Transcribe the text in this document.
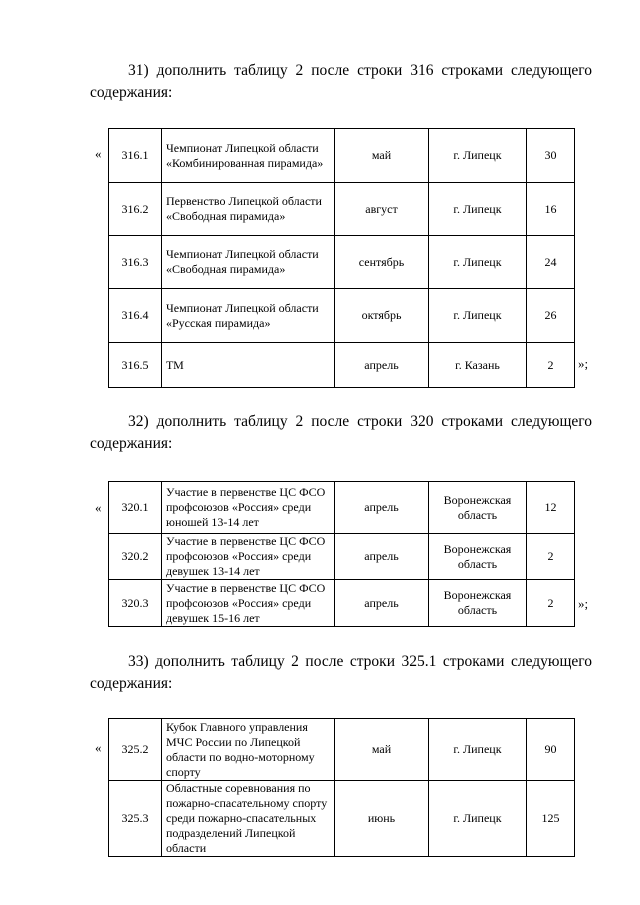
31) дополнить таблицу 2 после строки 316 строками следующего
содержания:
«
»;
316.1	Чемпионат Липецкой области «Комбинированная пирамида»	май	г. Липецк	30
316.2	Первенство Липецкой области «Свободная пирамида»	август	г. Липецк	16
316.3	Чемпионат Липецкой области «Свободная пирамида»	сентябрь	г. Липецк	24
316.4	Чемпионат Липецкой области «Русская пирамида»	октябрь	г. Липецк	26
316.5	ТМ	апрель	г. Казань	2
32) дополнить таблицу 2 после строки 320 строками следующего
содержания:
«
»;
320.1	Участие в первенстве ЦС ФСО профсоюзов «Россия» среди юношей 13-14 лет	апрель	Воронежская область	12
320.2	Участие в первенстве ЦС ФСО профсоюзов «Россия» среди девушек 13-14 лет	апрель	Воронежская область	2
320.3	Участие в первенстве ЦС ФСО профсоюзов «Россия» среди девушек 15-16 лет	апрель	Воронежская область	2
33) дополнить таблицу 2 после строки 325.1 строками следующего
содержания:
« 325.2	Кубок Главного управления МЧС России по Липецкой области по водно-моторному спорту	май	г. Липецк	90
325.3	Областные соревнования по пожарно-спасательному спорту среди пожарно-спасательных подразделений Липецкой области	июнь	г. Липецк	125
